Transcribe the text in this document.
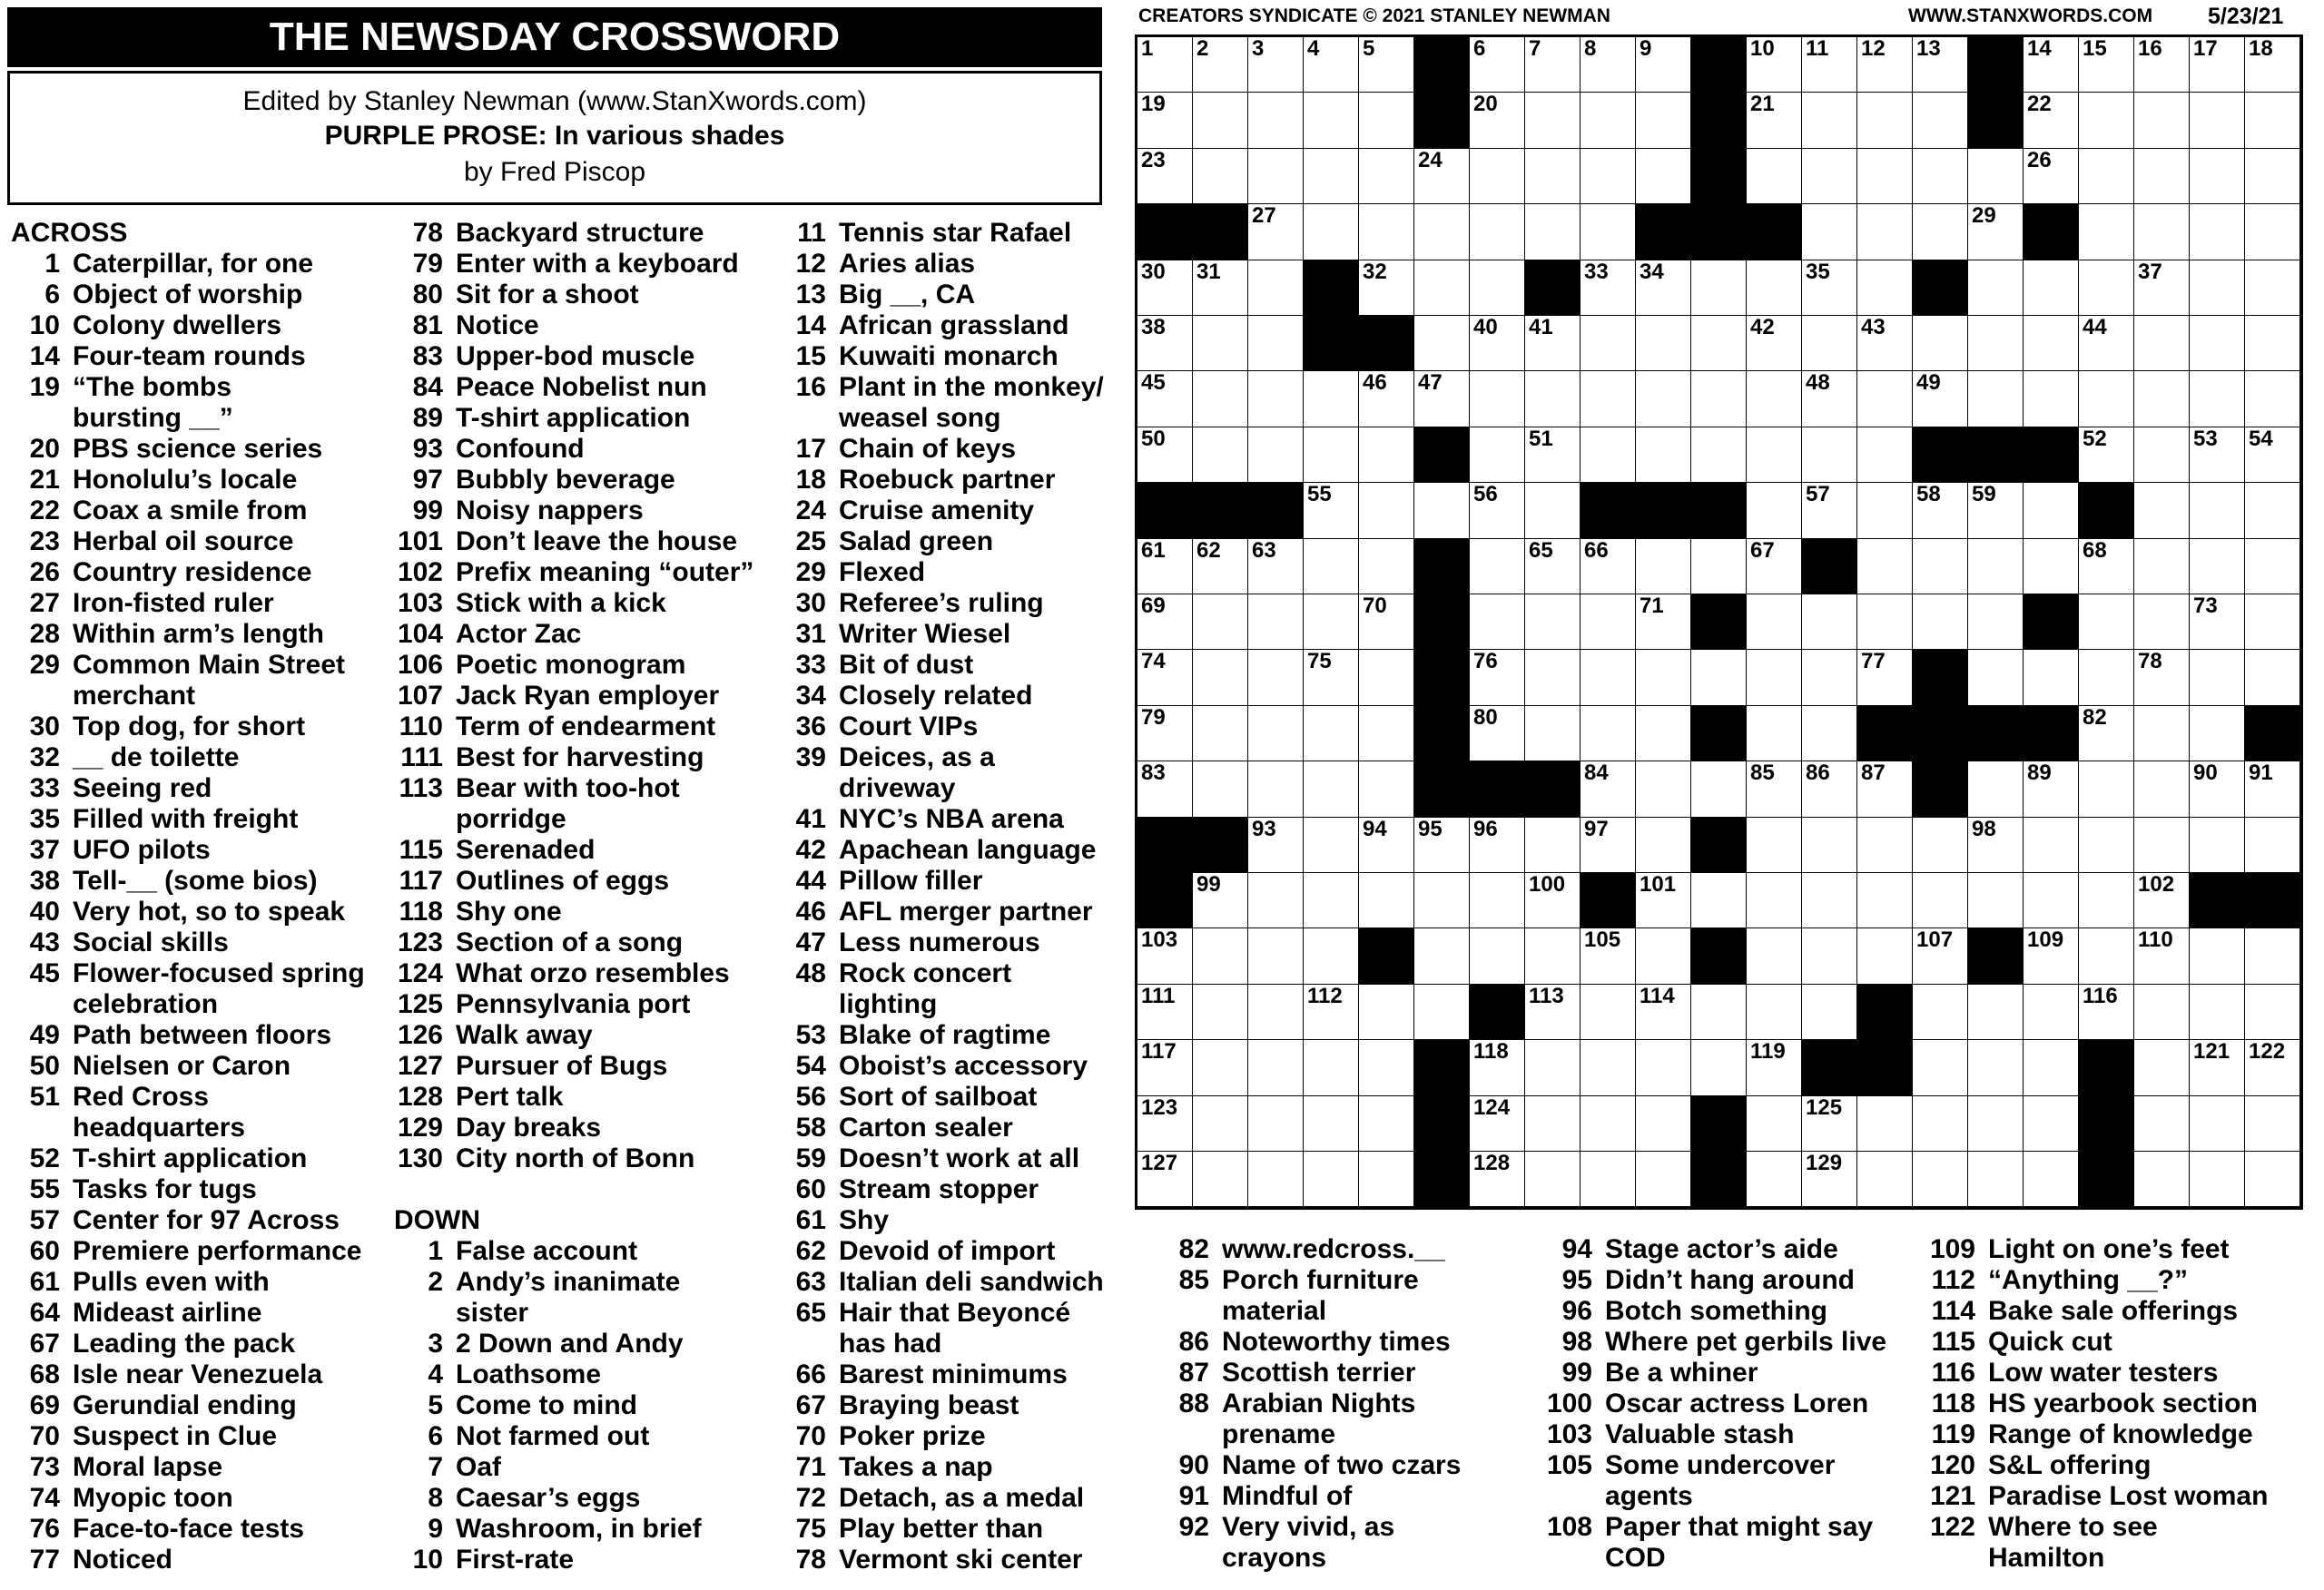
THE NEWSDAY CROSSWORD
Edited by Stanley Newman (www.StanXwords.com)
PURPLE PROSE: In various shades
by Fred Piscop
CREATORS SYNDICATE © 2021 STANLEY NEWMAN	WWW.STANXWORDS.COM 5/23/21
1 2 3 4 5	6 7 8 9	10 11 12 13	14 15 16 17 18
19	20	21	22
23	24	26
27	29
30 31	32	33 34	35	37
38	40 41	42	43	44
45	46 47	48	49
50	51	52	53 54
55	56	57	58 59
61 62 63	65 66	67	68
69	70	71	73
74	75	76	77	78
79	80	82
83	84	85 86 87	89	90 91
93	94 95 96	97	98
99	100	101	102
103	105	107	109	110
111	112	113	114	116
117	118	119	121 122
123	124	125
127	128	129
ACROSS
1 Caterpillar, for one
6 Object of worship
10 Colony dwellers
14 Four-team rounds
19 “The bombs
bursting __”
20 PBS science series
21 Honolulu’s locale
22 Coax a smile from
23 Herbal oil source
26 Country residence
27 Iron-fisted ruler
28 Within arm’s length
29 Common Main Street
merchant
30 Top dog, for short
32 __ de toilette
33 Seeing red
35 Filled with freight
37 UFO pilots
38 Tell-__ (some bios)
40 Very hot, so to speak
43 Social skills
45 Flower-focused spring
celebration
49 Path between floors
50 Nielsen or Caron
51 Red Cross
headquarters
52 T-shirt application
55 Tasks for tugs
57 Center for 97 Across
60 Premiere performance
61 Pulls even with
64 Mideast airline
67 Leading the pack
68 Isle near Venezuela
69 Gerundial ending
70 Suspect in Clue
73 Moral lapse
74 Myopic toon
76 Face-to-face tests
77 Noticed
78 Backyard structure
79 Enter with a keyboard
80 Sit for a shoot
81 Notice
83 Upper-bod muscle
84 Peace Nobelist nun
89 T-shirt application
93 Confound
97 Bubbly beverage
99 Noisy nappers
101 Don’t leave the house
102 Prefix meaning “outer”
103 Stick with a kick
104 Actor Zac
106 Poetic monogram
107 Jack Ryan employer
110 Term of endearment
111 Best for harvesting
113 Bear with too-hot
porridge
115 Serenaded
117 Outlines of eggs
118 Shy one
123 Section of a song
124 What orzo resembles
125 Pennsylvania port
126 Walk away
127 Pursuer of Bugs
128 Pert talk
129 Day breaks
130 City north of Bonn
DOWN
1 False account
2 Andy’s inanimate
sister
3 2 Down and Andy
4 Loathsome
5 Come to mind
6 Not farmed out
7 Oaf
8 Caesar’s eggs
9 Washroom, in brief
10 First-rate
11 Tennis star Rafael
12 Aries alias
13 Big __, CA
14 African grassland
15 Kuwaiti monarch
16 Plant in the monkey/
weasel song
17 Chain of keys
18 Roebuck partner
24 Cruise amenity
25 Salad green
29 Flexed
30 Referee’s ruling
31 Writer Wiesel
33 Bit of dust
34 Closely related
36 Court VIPs
39 Deices, as a
driveway
41 NYC’s NBA arena
42 Apachean language
44 Pillow filler
46 AFL merger partner
47 Less numerous
48 Rock concert
lighting
53 Blake of ragtime
54 Oboist’s accessory
56 Sort of sailboat
58 Carton sealer
59 Doesn’t work at all
60 Stream stopper
61 Shy
62 Devoid of import
63 Italian deli sandwich
65 Hair that Beyoncé
has had
66 Barest minimums
67 Braying beast
70 Poker prize
71 Takes a nap
72 Detach, as a medal
75 Play better than
78 Vermont ski center
82 www.redcross.__
85 Porch furniture
material
86 Noteworthy times
87 Scottish terrier
88 Arabian Nights
prename
90 Name of two czars
91 Mindful of
92 Very vivid, as
crayons
94 Stage actor’s aide
95 Didn’t hang around
96 Botch something
98 Where pet gerbils live
99 Be a whiner
100 Oscar actress Loren
103 Valuable stash
105 Some undercover
agents
108 Paper that might say
COD
109 Light on one’s feet
112 “Anything __?”
114 Bake sale offerings
115 Quick cut
116 Low water testers
118 HS yearbook section
119 Range of knowledge
120 S&L offering
121 Paradise Lost woman
122 Where to see
Hamilton
